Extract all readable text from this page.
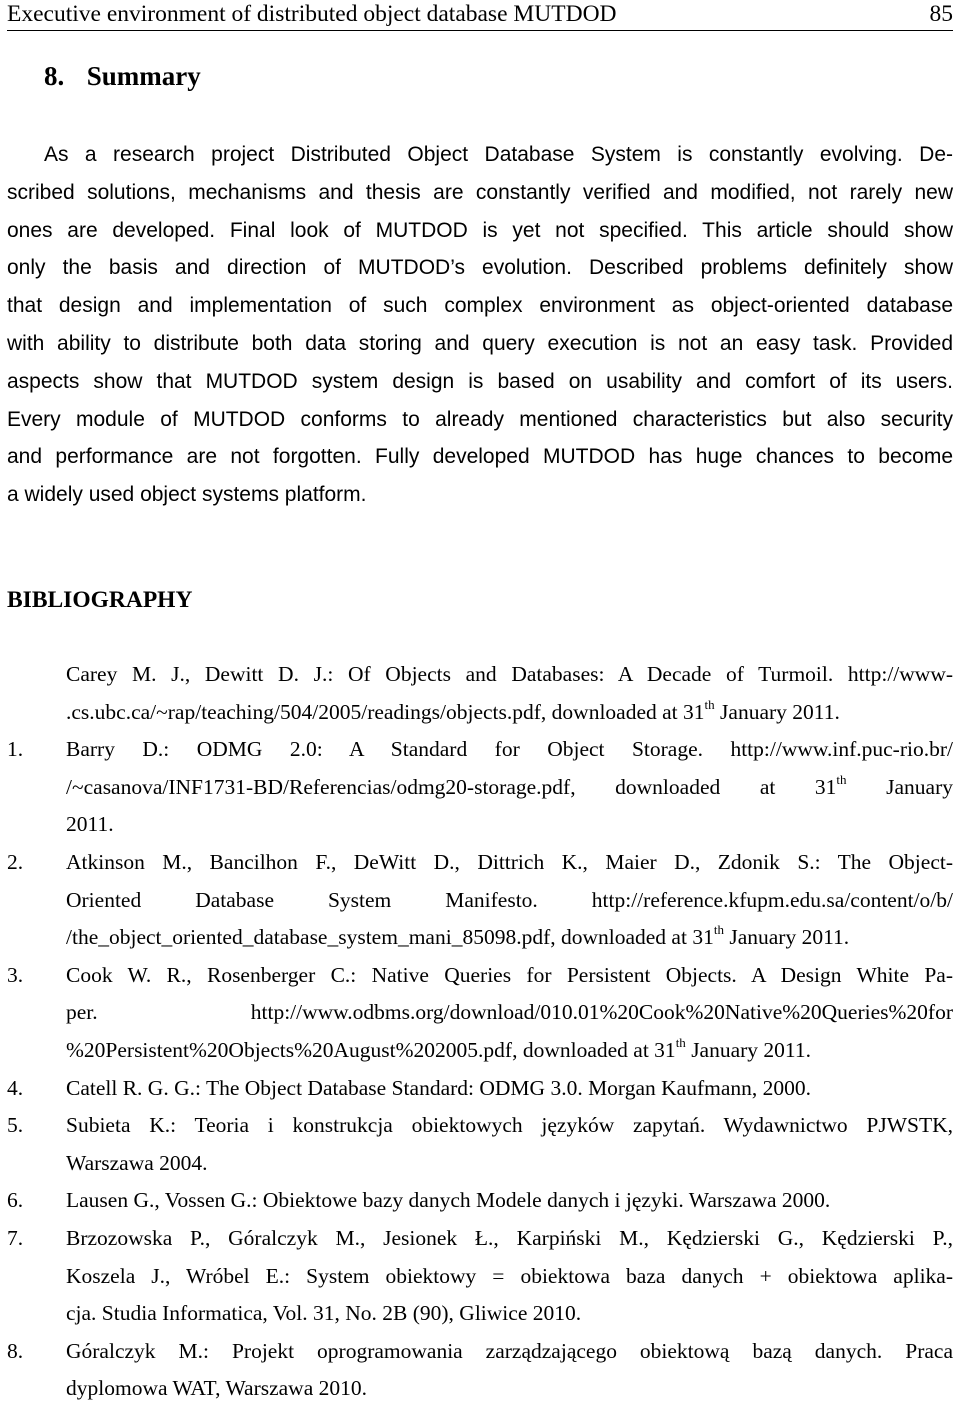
Executive environment of distributed object database MUTDOD	85
8. Summary
As a research project Distributed Object Database System is constantly evolving. De-
scribed solutions, mechanisms and thesis are constantly verified and modified, not rarely new
ones are developed. Final look of MUTDOD is yet not specified. This article should show
only the basis and direction of MUTDOD’s evolution. Described problems definitely show
that design and implementation of such complex environment as object-oriented database
with ability to distribute both data storing and query execution is not an easy task. Provided
aspects show that MUTDOD system design is based on usability and comfort of its users.
Every module of MUTDOD conforms to already mentioned characteristics but also security
and performance are not forgotten. Fully developed MUTDOD has huge chances to become
a widely used object systems platform.
BIBLIOGRAPHY
Carey M. J., Dewitt D. J.: Of Objects and Databases: A Decade of Turmoil. http://www-
.cs.ubc.ca/~rap/teaching/504/2005/readings/objects.pdf, downloaded at 31th January 2011.
1. Barry D.: ODMG 2.0: A Standard for Object Storage. http://www.inf.puc-rio.br/
/~casanova/INF1731-BD/Referencias/odmg20-storage.pdf, downloaded at 31th January
2011.
2. Atkinson M., Bancilhon F., DeWitt D., Dittrich K., Maier D., Zdonik S.: The Object-
Oriented Database System Manifesto. http://reference.kfupm.edu.sa/content/o/b/
/the_object_oriented_database_system_mani_85098.pdf, downloaded at 31th January 2011.
3. Cook W. R., Rosenberger C.: Native Queries for Persistent Objects. A Design White Pa-
per. http://www.odbms.org/download/010.01%20Cook%20Native%20Queries%20for
%20Persistent%20Objects%20August%202005.pdf, downloaded at 31th January 2011.
4. Catell R. G. G.: The Object Database Standard: ODMG 3.0. Morgan Kaufmann, 2000.
5. Subieta K.: Teoria i konstrukcja obiektowych języków zapytań. Wydawnictwo PJWSTK,
Warszawa 2004.
6. Lausen G., Vossen G.: Obiektowe bazy danych Modele danych i języki. Warszawa 2000.
7. Brzozowska P., Góralczyk M., Jesionek Ł., Karpiński M., Kędzierski G., Kędzierski P.,
Koszela J., Wróbel E.: System obiektowy = obiektowa baza danych + obiektowa aplika-
cja. Studia Informatica, Vol. 31, No. 2B (90), Gliwice 2010.
8. Góralczyk M.: Projekt oprogramowania zarządzającego obiektową bazą danych. Praca
dyplomowa WAT, Warszawa 2010.
